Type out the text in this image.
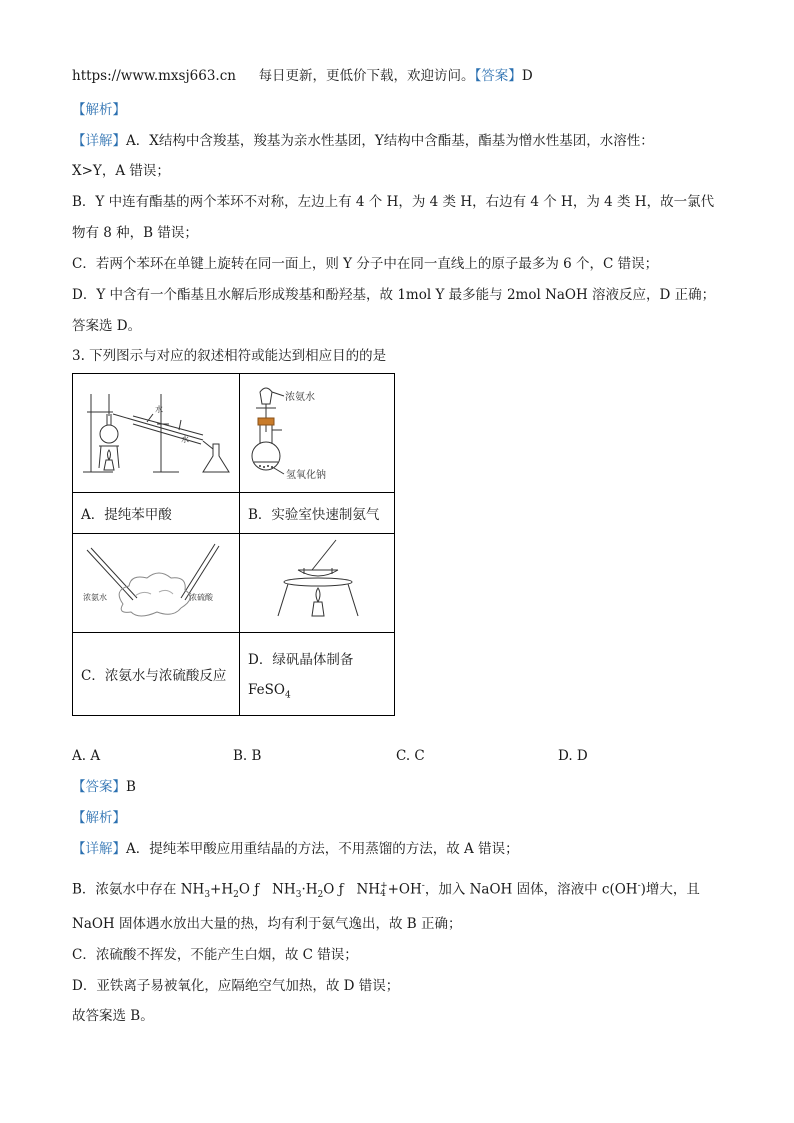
https://www.mxsj663.cn 每日更新，更低价下载，欢迎访问。【答案】D
【解析】
【详解】A．X结构中含羧基，羧基为亲水性基团，Y结构中含酯基，酯基为憎水性基团，水溶性：
X>Y，A 错误；
B．Y 中连有酯基的两个苯环不对称，左边上有 4 个 H，为 4 类 H，右边有 4 个 H，为 4 类 H，故一氯代
物有 8 种，B 错误；
C．若两个苯环在单键上旋转在同一面上，则 Y 分子中在同一直线上的原子最多为 6 个，C 错误；
D．Y 中含有一个酯基且水解后形成羧基和酚羟基，故 1mol Y 最多能与 2mol NaOH 溶液反应，D 正确；
答案选 D。
3. 下列图示与对应的叙述相符或能达到相应目的的是
水
水	浓氨水
氢氧化钠

A．提纯苯甲酸	B．实验室快速制氨气

浓氨水 浓硫酸

C．浓氨水与浓硫酸反应	D．绿矾晶体制备
FeSO$_4$
A. A	B. B	C. C	D. D
【答案】B
【解析】
【详解】A．提纯苯甲酸应用重结晶的方法，不用蒸馏的方法，故 A 错误；
B．浓氨水中存在 $NH_3+H_2O$ ƒ $NH_3\cdot H_2O$ ƒ NH +
4 +OH-，加入 NaOH 固体，溶液中 c(OH-)增大，且
NaOH 固体遇水放出大量的热，均有利于氨气逸出，故 B 正确；
C．浓硫酸不挥发，不能产生白烟，故 C 错误；
D．亚铁离子易被氧化，应隔绝空气加热，故 D 错误；
故答案选 B。
